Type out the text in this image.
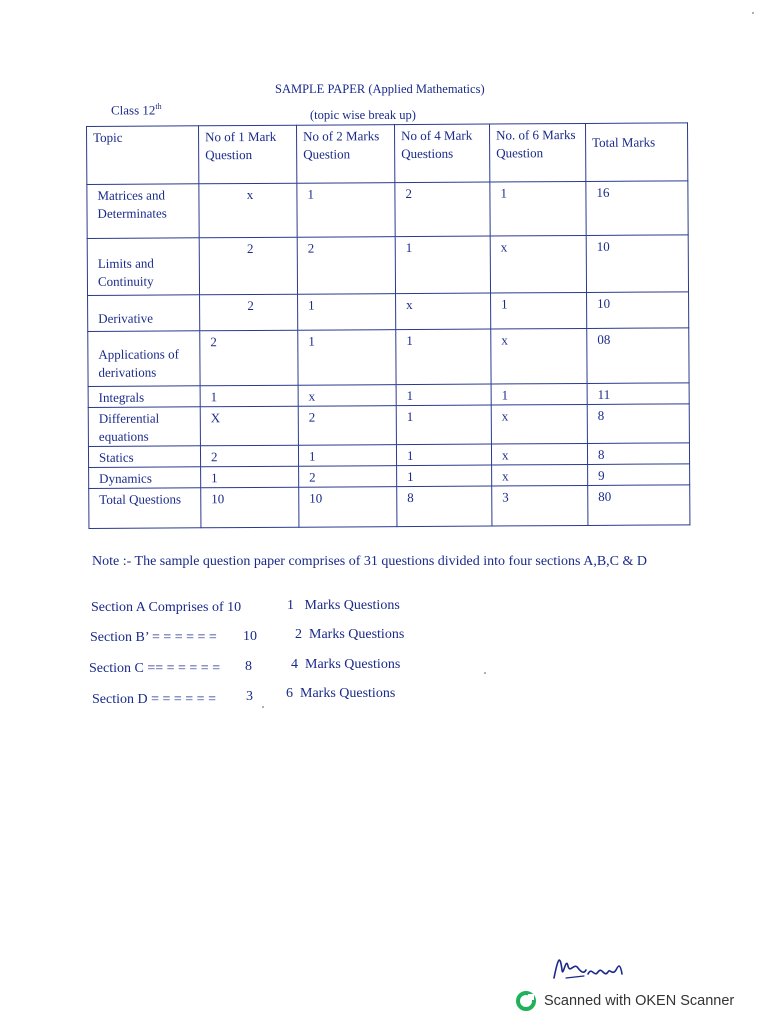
SAMPLE PAPER (Applied Mathematics)
Class 12th
(topic wise break up)
Topic	No of 1 Mark Question	No of 2 Marks Question	No of 4 Mark Questions	No. of 6 Marks Question	Total Marks

Matrices and Determinates	x	1	2	1	16

Limits and Continuity	2	2	1	x	10

Derivative	2	1	x	1	10

Applications of derivations	2	1	1	x	08

Integrals	1	x	1	1	11

Differential equations	X	2	1	x	8

Statics	2	1	1	x	8

Dynamics	1	2	1	x	9

Total Questions	10	10	8	3	80
Note :- The sample question paper comprises of 31 questions divided into four sections A,B,C & D
Section A Comprises of 10	1   Marks Questions
Section B’ = = = = = = 10	2  Marks Questions
Section C == = = = = = 8	4  Marks Questions
Section D = = = = = = 3 6  Marks Questions
Scanned with OKEN Scanner
